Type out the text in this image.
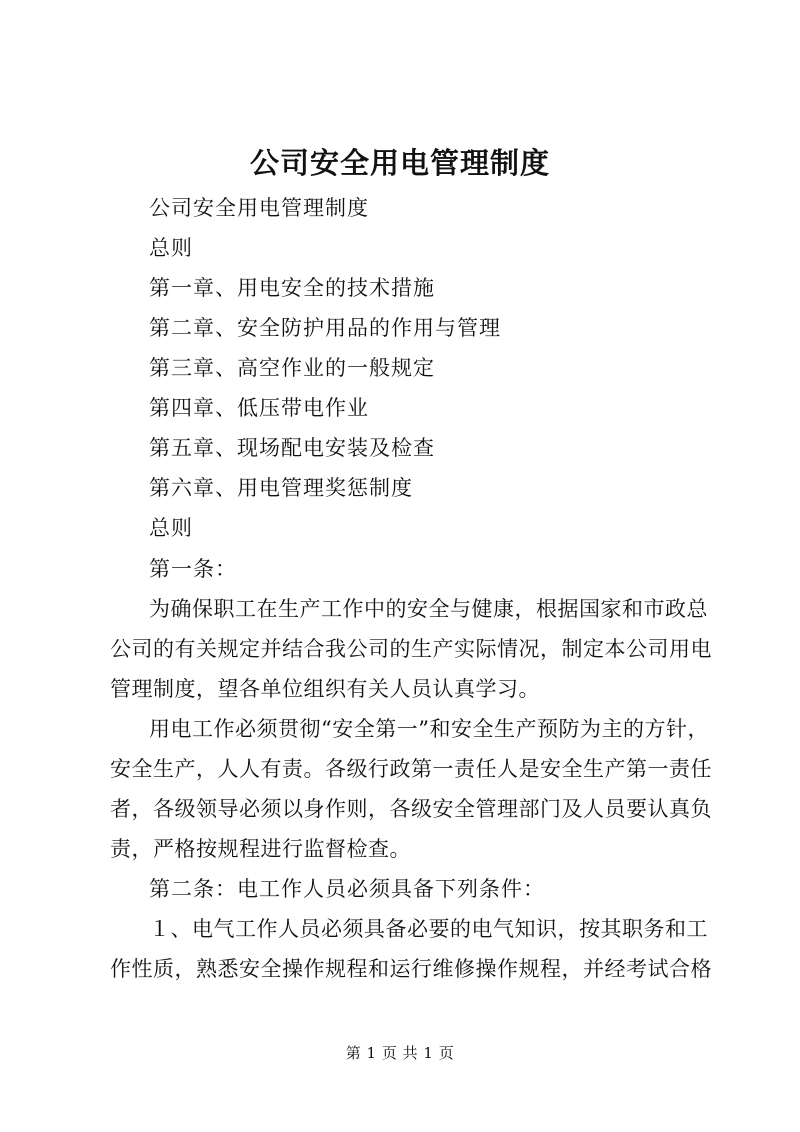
公司安全用电管理制度
公司安全用电管理制度
总则
第一章、用电安全的技术措施
第二章、安全防护用品的作用与管理
第三章、高空作业的一般规定
第四章、低压带电作业
第五章、现场配电安装及检查
第六章、用电管理奖惩制度
总则
第一条：
为确保职工在生产工作中的安全与健康，根据国家和市政总
公司的有关规定并结合我公司的生产实际情况，制定本公司用电
管理制度，望各单位组织有关人员认真学习。
用电工作必须贯彻“安全第一”和安全生产预防为主的方针，
安全生产，人人有责。各级行政第一责任人是安全生产第一责任
者，各级领导必须以身作则，各级安全管理部门及人员要认真负
责，严格按规程进行监督检查。
第二条：电工作人员必须具备下列条件：
１、电气工作人员必须具备必要的电气知识，按其职务和工
作性质，熟悉安全操作规程和运行维修操作规程，并经考试合格
第 1 页 共 1 页
